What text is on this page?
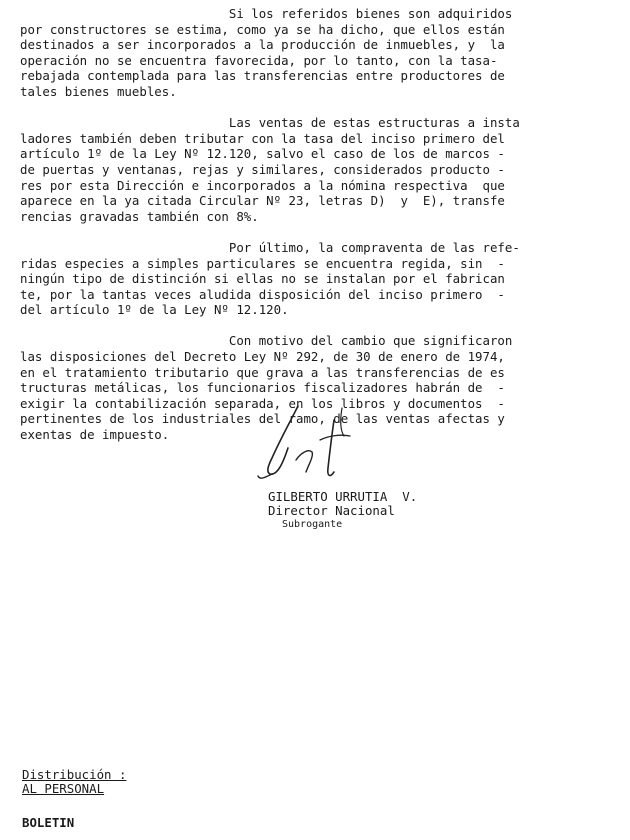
Si los referidos bienes son adquiridos
por constructores se estima, como ya se ha dicho, que ellos están
destinados a ser incorporados a la producción de inmuebles, y  la
operación no se encuentra favorecida, por lo tanto, con la tasa-
rebajada contemplada para las transferencias entre productores de
tales bienes muebles.

Las ventas de estas estructuras a insta
ladores también deben tributar con la tasa del inciso primero del
artículo 1º de la Ley Nº 12.120, salvo el caso de los de marcos -
de puertas y ventanas, rejas y similares, considerados producto -
res por esta Dirección e incorporados a la nómina respectiva  que
aparece en la ya citada Circular Nº 23, letras D)  y  E), transfe
rencias gravadas también con 8%.

Por último, la compraventa de las refe-
ridas especies a simples particulares se encuentra regida, sin  -
ningún tipo de distinción si ellas no se instalan por el fabrican
te, por la tantas veces aludida disposición del inciso primero  -
del artículo 1º de la Ley Nº 12.120.

Con motivo del cambio que significaron
las disposiciones del Decreto Ley Nº 292, de 30 de enero de 1974,
en el tratamiento tributario que grava a las transferencias de es
tructuras metálicas, los funcionarios fiscalizadores habrán de  -
exigir la contabilización separada, en los libros y documentos  -
pertinentes de los industriales del ramo, de las ventas afectas y
exentas de impuesto.
GILBERTO URRUTIA  V.
Director Nacional
Subrogante
Distribución :
AL PERSONAL
BOLETIN
